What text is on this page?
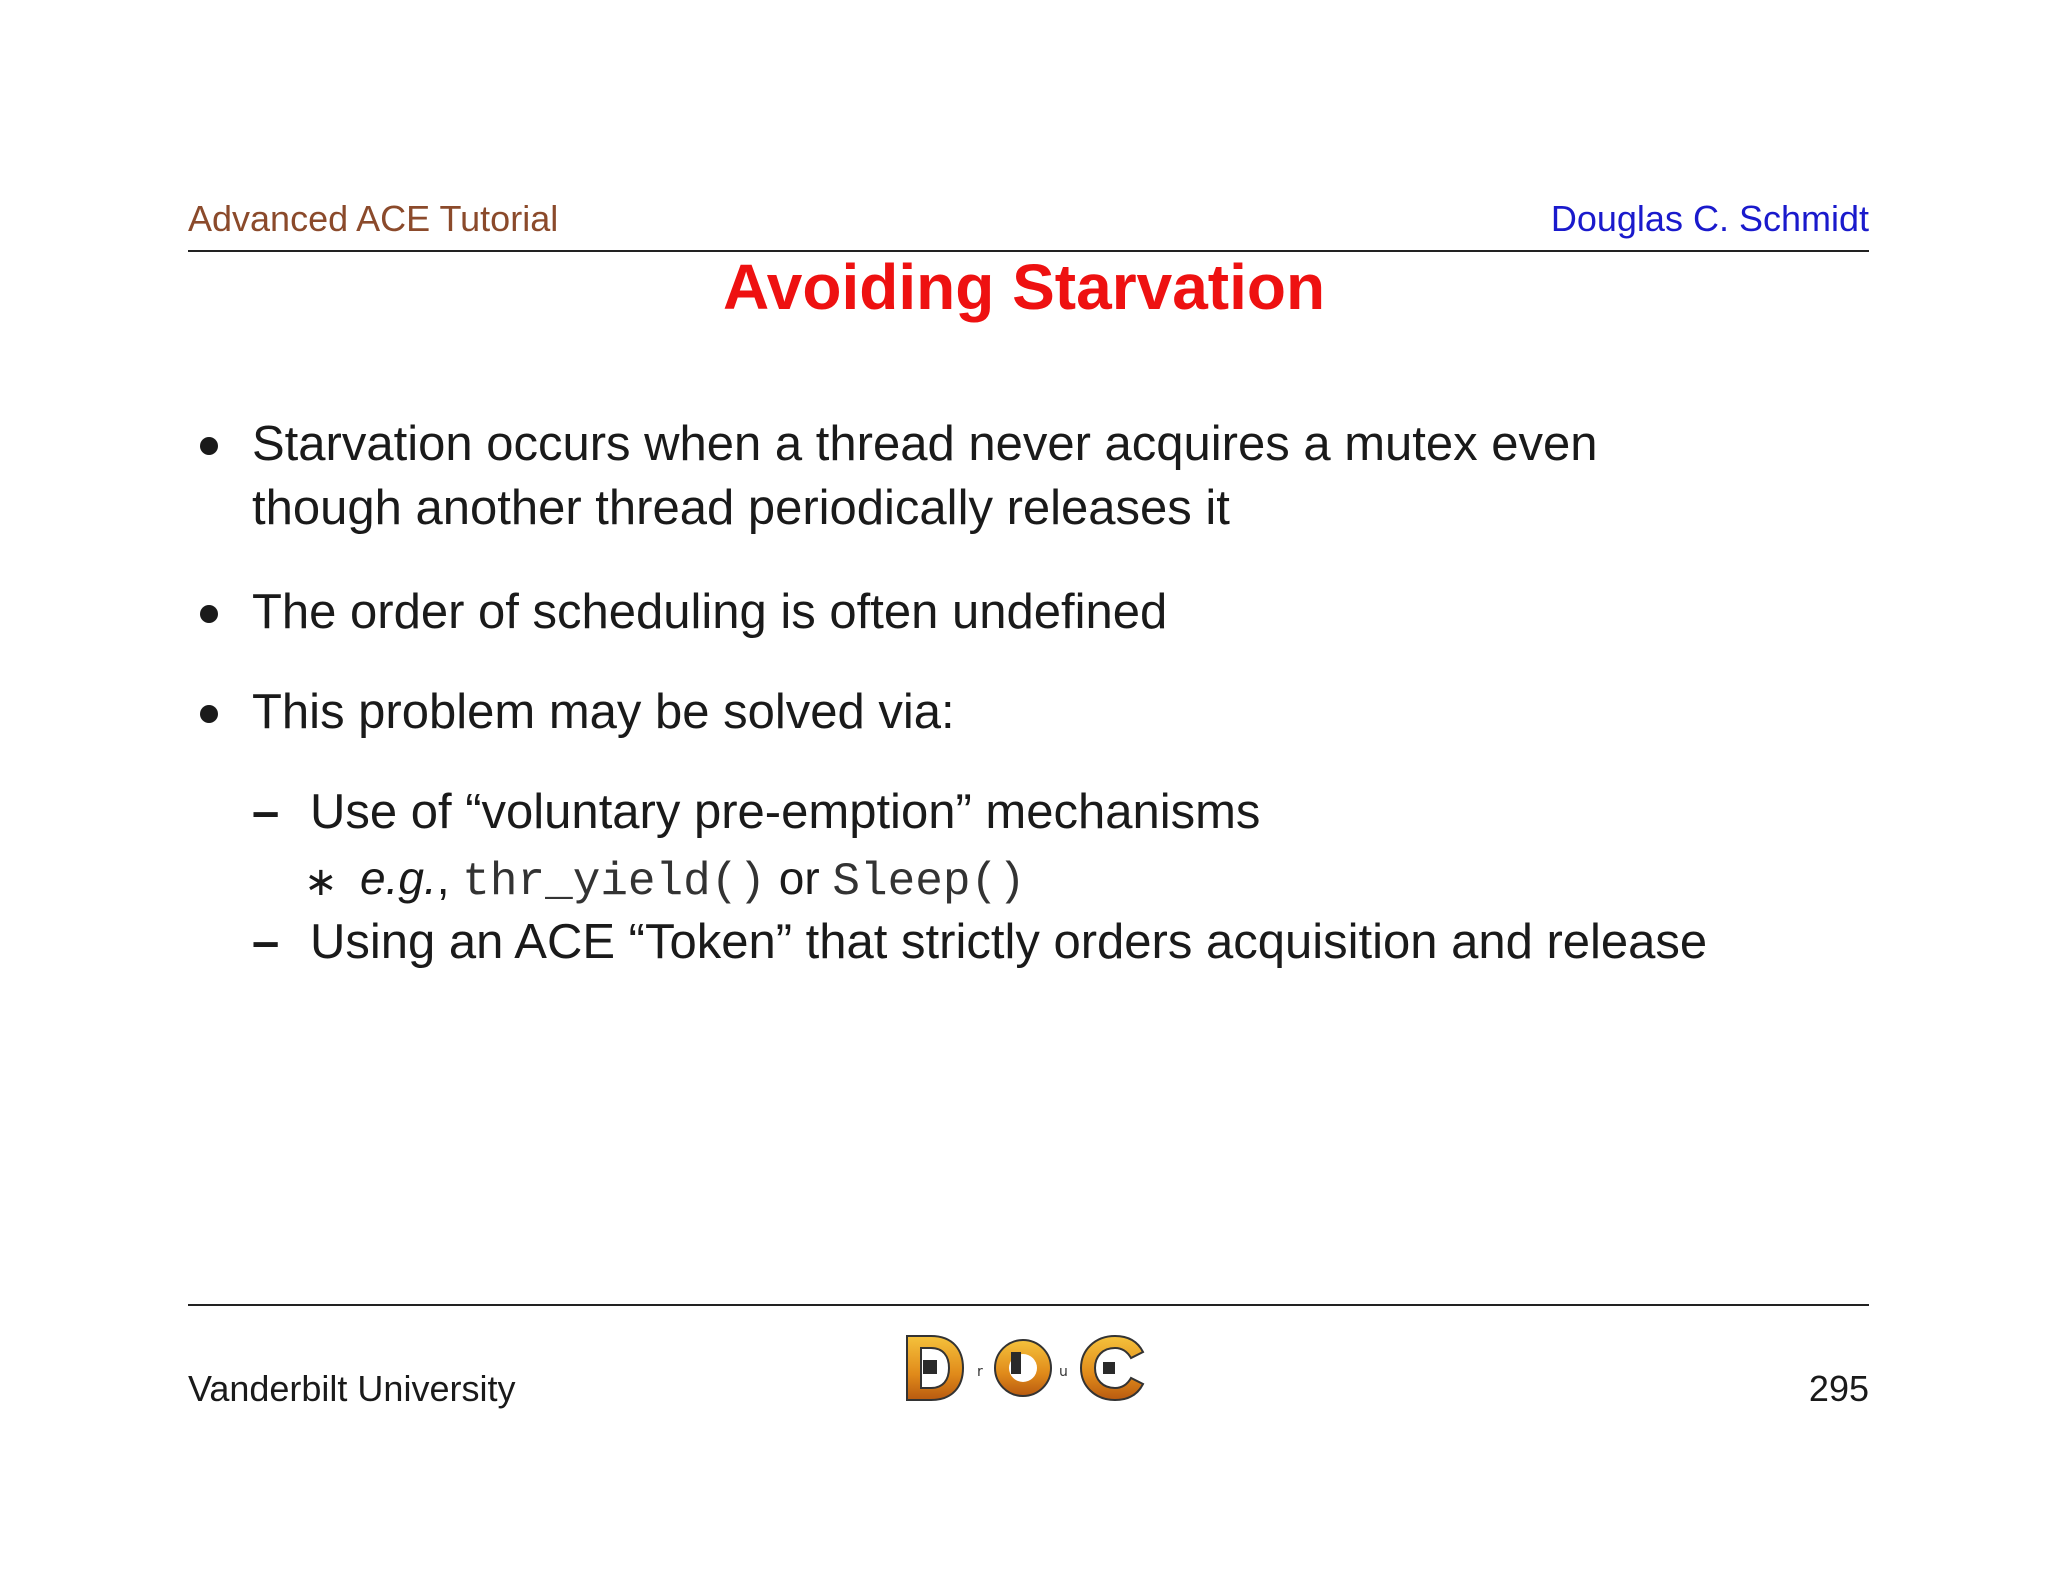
Advanced ACE Tutorial	Douglas C. Schmidt
Avoiding Starvation
Starvation occurs when a thread never acquires a mutex even
though another thread periodically releases it
The order of scheduling is often undefined
This problem may be solved via:
– Use of “voluntary pre-emption” mechanisms
∗ e.g., thr_yield() or Sleep()
– Using an ACE “Token” that strictly orders acquisition and release
Vanderbilt University	r	u	295
